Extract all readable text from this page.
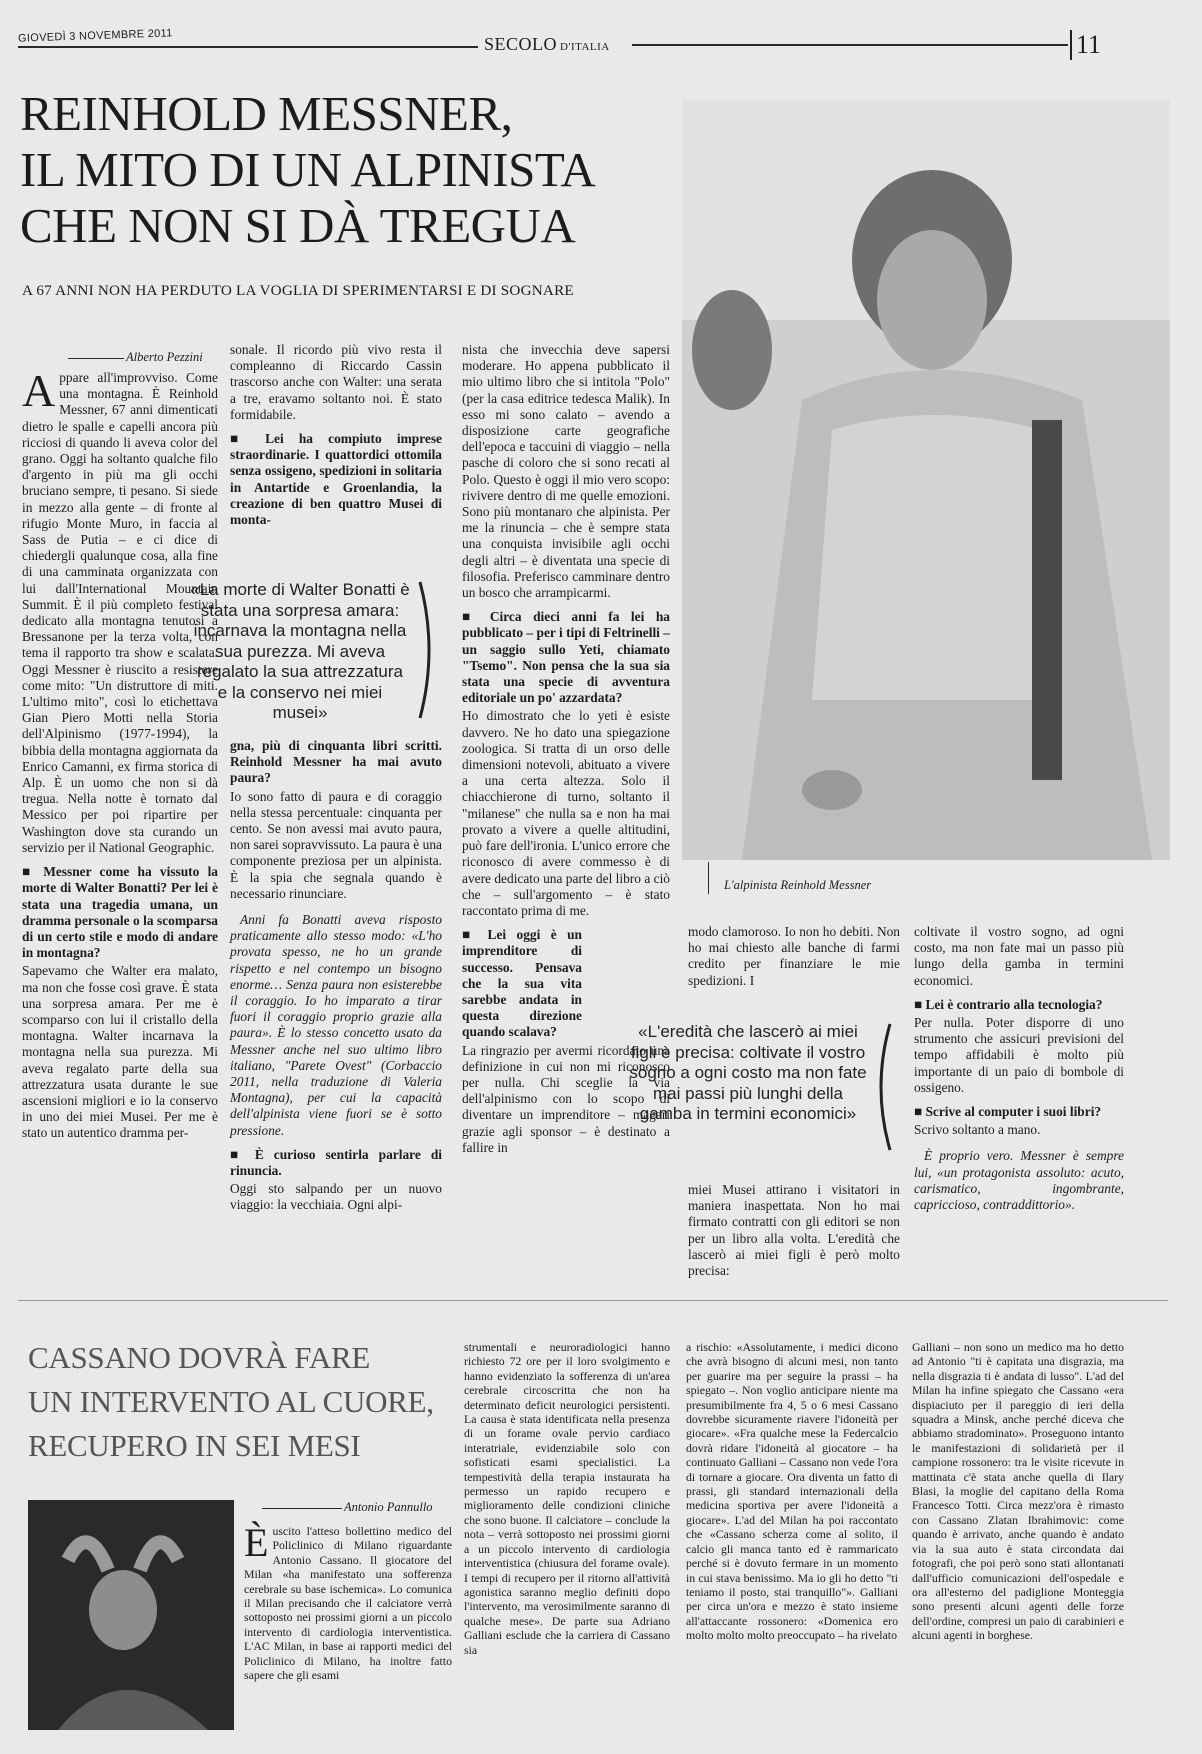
GIOVEDÌ 3 NOVEMBRE 2011	SECOLO D'ITALIA	11
REINHOLD MESSNER,
IL MITO DI UN ALPINISTA
CHE NON SI DÀ TREGUA
A 67 ANNI NON HA PERDUTO LA VOGLIA DI SPERIMENTARSI E DI SOGNARE
L'alpinista Reinhold Messner
Alberto Pezzini

Appare all'improvviso. Come una montagna. È Reinhold Messner, 67 anni dimenticati dietro le spalle e capelli ancora più ricciosi di quando li aveva color del grano. Oggi ha soltanto qualche filo d'argento in più ma gli occhi bruciano sempre, ti pesano. Si siede in mezzo alla gente – di fronte al rifugio Monte Muro, in faccia al Sass de Putia – e ci dice di chiedergli qualunque cosa, alla fine di una camminata organizzata con lui dall'International Mountain Summit. È il più completo festival dedicato alla montagna tenutosi a Bressanone per la terza volta, con tema il rapporto tra show e scalata. Oggi Messner è riuscito a resistere come mito: "Un distruttore di miti. L'ultimo mito", così lo etichettava Gian Piero Motti nella Storia dell'Alpinismo (1977-1994), la bibbia della montagna aggiornata da Enrico Camanni, ex firma storica di Alp. È un uomo che non si dà tregua. Nella notte è tornato dal Messico per poi ripartire per Washington dove sta curando un servizio per il National Geographic.

■ Messner come ha vissuto la morte di Walter Bonatti? Per lei è stata una tragedia umana, un dramma personale o la scomparsa di un certo stile e modo di andare in montagna?

Sapevamo che Walter era malato, ma non che fosse così grave. È stata una sorpresa amara. Per me è scomparso con lui il cristallo della montagna. Walter incarnava la montagna nella sua purezza. Mi aveva regalato parte della sua attrezzatura usata durante le sue ascensioni migliori e io la conservo in uno dei miei Musei. Per me è stato un autentico dramma per-

«La morte di Walter Bonatti è stata una sorpresa amara: incarnava la montagna nella sua purezza. Mi aveva regalato la sua attrezzatura e la conservo nei miei musei»

sonale. Il ricordo più vivo resta il compleanno di Riccardo Cassin trascorso anche con Walter: una serata a tre, eravamo soltanto noi. È stato formidabile.

■ Lei ha compiuto imprese straordinarie. I quattordici ottomila senza ossigeno, spedizioni in solitaria in Antartide e Groenlandia, la creazione di ben quattro Musei di monta-
gna, più di cinquanta libri scritti. Reinhold Messner ha mai avuto paura?

Io sono fatto di paura e di coraggio nella stessa percentuale: cinquanta per cento. Se non avessi mai avuto paura, non sarei sopravvissuto. La paura è una componente preziosa per un alpinista. È la spia che segnala quando è necessario rinunciare.

Anni fa Bonatti aveva risposto praticamente allo stesso modo: «L'ho provata spesso, ne ho un grande rispetto e nel contempo un bisogno enorme… Senza paura non esisterebbe il coraggio. Io ho imparato a tirar fuori il coraggio proprio grazie alla paura». È lo stesso concetto usato da Messner anche nel suo ultimo libro italiano, "Parete Ovest" (Corbaccio 2011, nella traduzione di Valeria Montagna), per cui la capacità dell'alpinista viene fuori se è sotto pressione.

■ È curioso sentirla parlare di rinuncia.

Oggi sto salpando per un nuovo viaggio: la vecchiaia. Ogni alpi-

nista che invecchia deve sapersi moderare. Ho appena pubblicato il mio ultimo libro che si intitola "Polo" (per la casa editrice tedesca Malik). In esso mi sono calato – avendo a disposizione carte geografiche dell'epoca e taccuini di viaggio – nella pasche di coloro che si sono recati al Polo. Questo è oggi il mio vero scopo: rivivere dentro di me quelle emozioni. Sono più montanaro che alpinista. Per me la rinuncia – che è sempre stata una conquista invisibile agli occhi degli altri – è diventata una specie di filosofia. Preferisco camminare dentro un bosco che arrampicarmi.

■ Circa dieci anni fa lei ha pubblicato – per i tipi di Feltrinelli – un saggio sullo Yeti, chiamato "Tsemo". Non pensa che la sua sia stata una specie di avventura editoriale un po' azzardata?

Ho dimostrato che lo yeti è esiste davvero. Ne ho dato una spiegazione zoologica. Si tratta di un orso delle dimensioni notevoli, abituato a vivere a una certa altezza. Solo il chiacchierone di turno, soltanto il "milanese" che nulla sa e non ha mai provato a vivere a quelle altitudini, può fare dell'ironia. L'unico errore che riconosco di avere commesso è di avere dedicato una parte del libro a ciò che – sull'argomento – è stato raccontato prima di me.

■ Lei oggi è un imprenditore di successo. Pensava che la sua vita sarebbe andata in questa direzione quando scalava?

La ringrazio per avermi ricordato una definizione in cui non mi riconosco per nulla. Chi sceglie la via dell'alpinismo con lo scopo di diventare un imprenditore – magari grazie agli sponsor – è destinato a fallire in

modo clamoroso. Io non ho debiti. Non ho mai chiesto alle banche di farmi credito per finanziare le mie spedizioni. I

«L'eredità che lascerò ai miei figli è precisa: coltivate il vostro sogno a ogni costo ma non fate mai passi più lunghi della gamba in termini economici»

miei Musei attirano i visitatori in maniera inaspettata. Non ho mai firmato contratti con gli editori se non per un libro alla volta. L'eredità che lascerò ai miei figli è però molto precisa:

coltivate il vostro sogno, ad ogni costo, ma non fate mai un passo più lungo della gamba in termini economici.

■ Lei è contrario alla tecnologia?

Per nulla. Poter disporre di uno strumento che assicuri previsioni del tempo affidabili è molto più importante di un paio di bombole di ossigeno.

■ Scrive al computer i suoi libri?

Scrivo soltanto a mano.

È proprio vero. Messner è sempre lui, «un protagonista assoluto: acuto, carismatico, ingombrante, capriccioso, contraddittorio».

CASSANO DOVRÀ FARE
UN INTERVENTO AL CUORE,
RECUPERO IN SEI MESI
Antonio Pannullo

Èuscito l'atteso bollettino medico del Policlinico di Milano riguardante Antonio Cassano. Il giocatore del Milan «ha manifestato una sofferenza cerebrale su base ischemica». Lo comunica il Milan precisando che il calciatore verrà sottoposto nei prossimi giorni a un piccolo intervento di cardiologia interventistica. L'AC Milan, in base ai rapporti medici del Policlinico di Milano, ha inoltre fatto sapere che gli esami

strumentali e neuroradiologici hanno richiesto 72 ore per il loro svolgimento e hanno evidenziato la sofferenza di un'area cerebrale circoscritta che non ha determinato deficit neurologici persistenti. La causa è stata identificata nella presenza di un forame ovale pervio cardiaco interatriale, evidenziabile solo con sofisticati esami specialistici. La tempestività della terapia instaurata ha permesso un rapido recupero e miglioramento delle condizioni cliniche che sono buone. Il calciatore – conclude la nota – verrà sottoposto nei prossimi giorni a un piccolo intervento di cardiologia interventistica (chiusura del forame ovale). I tempi di recupero per il ritorno all'attività agonistica saranno meglio definiti dopo l'intervento, ma verosimilmente saranno di qualche mese». De parte sua Adriano Galliani esclude che la carriera di Cassano sia

a rischio: «Assolutamente, i medici dicono che avrà bisogno di alcuni mesi, non tanto per guarire ma per seguire la prassi – ha spiegato –. Non voglio anticipare niente ma presumibilmente fra 4, 5 o 6 mesi Cassano dovrebbe sicuramente riavere l'idoneità per giocare». «Fra qualche mese la Federcalcio dovrà ridare l'idoneità al giocatore – ha continuato Galliani – Cassano non vede l'ora di tornare a giocare. Ora diventa un fatto di prassi, gli standard internazionali della medicina sportiva per avere l'idoneità a giocare». L'ad del Milan ha poi raccontato che «Cassano scherza come al solito, il calcio gli manca tanto ed è rammaricato perché si è dovuto fermare in un momento in cui stava benissimo. Ma io gli ho detto "ti teniamo il posto, stai tranquillo"». Galliani per circa un'ora e mezzo è stato insieme all'attaccante rossonero: «Domenica ero molto molto molto preoccupato – ha rivelato

Galliani – non sono un medico ma ho detto ad Antonio "ti è capitata una disgrazia, ma nella disgrazia ti è andata di lusso". L'ad del Milan ha infine spiegato che Cassano «era dispiaciuto per il pareggio di ieri della squadra a Minsk, anche perché diceva che abbiamo stradominato». Proseguono intanto le manifestazioni di solidarietà per il campione rossonero: tra le visite ricevute in mattinata c'è stata anche quella di Ilary Blasi, la moglie del capitano della Roma Francesco Totti. Circa mezz'ora è rimasto con Cassano Zlatan Ibrahimovic: come quando è arrivato, anche quando è andato via la sua auto è stata circondata dai fotografi, che poi però sono stati allontanati dall'ufficio comunicazioni dell'ospedale e ora all'esterno del padiglione Monteggia sono presenti alcuni agenti delle forze dell'ordine, compresi un paio di carabinieri e alcuni agenti in borghese.
